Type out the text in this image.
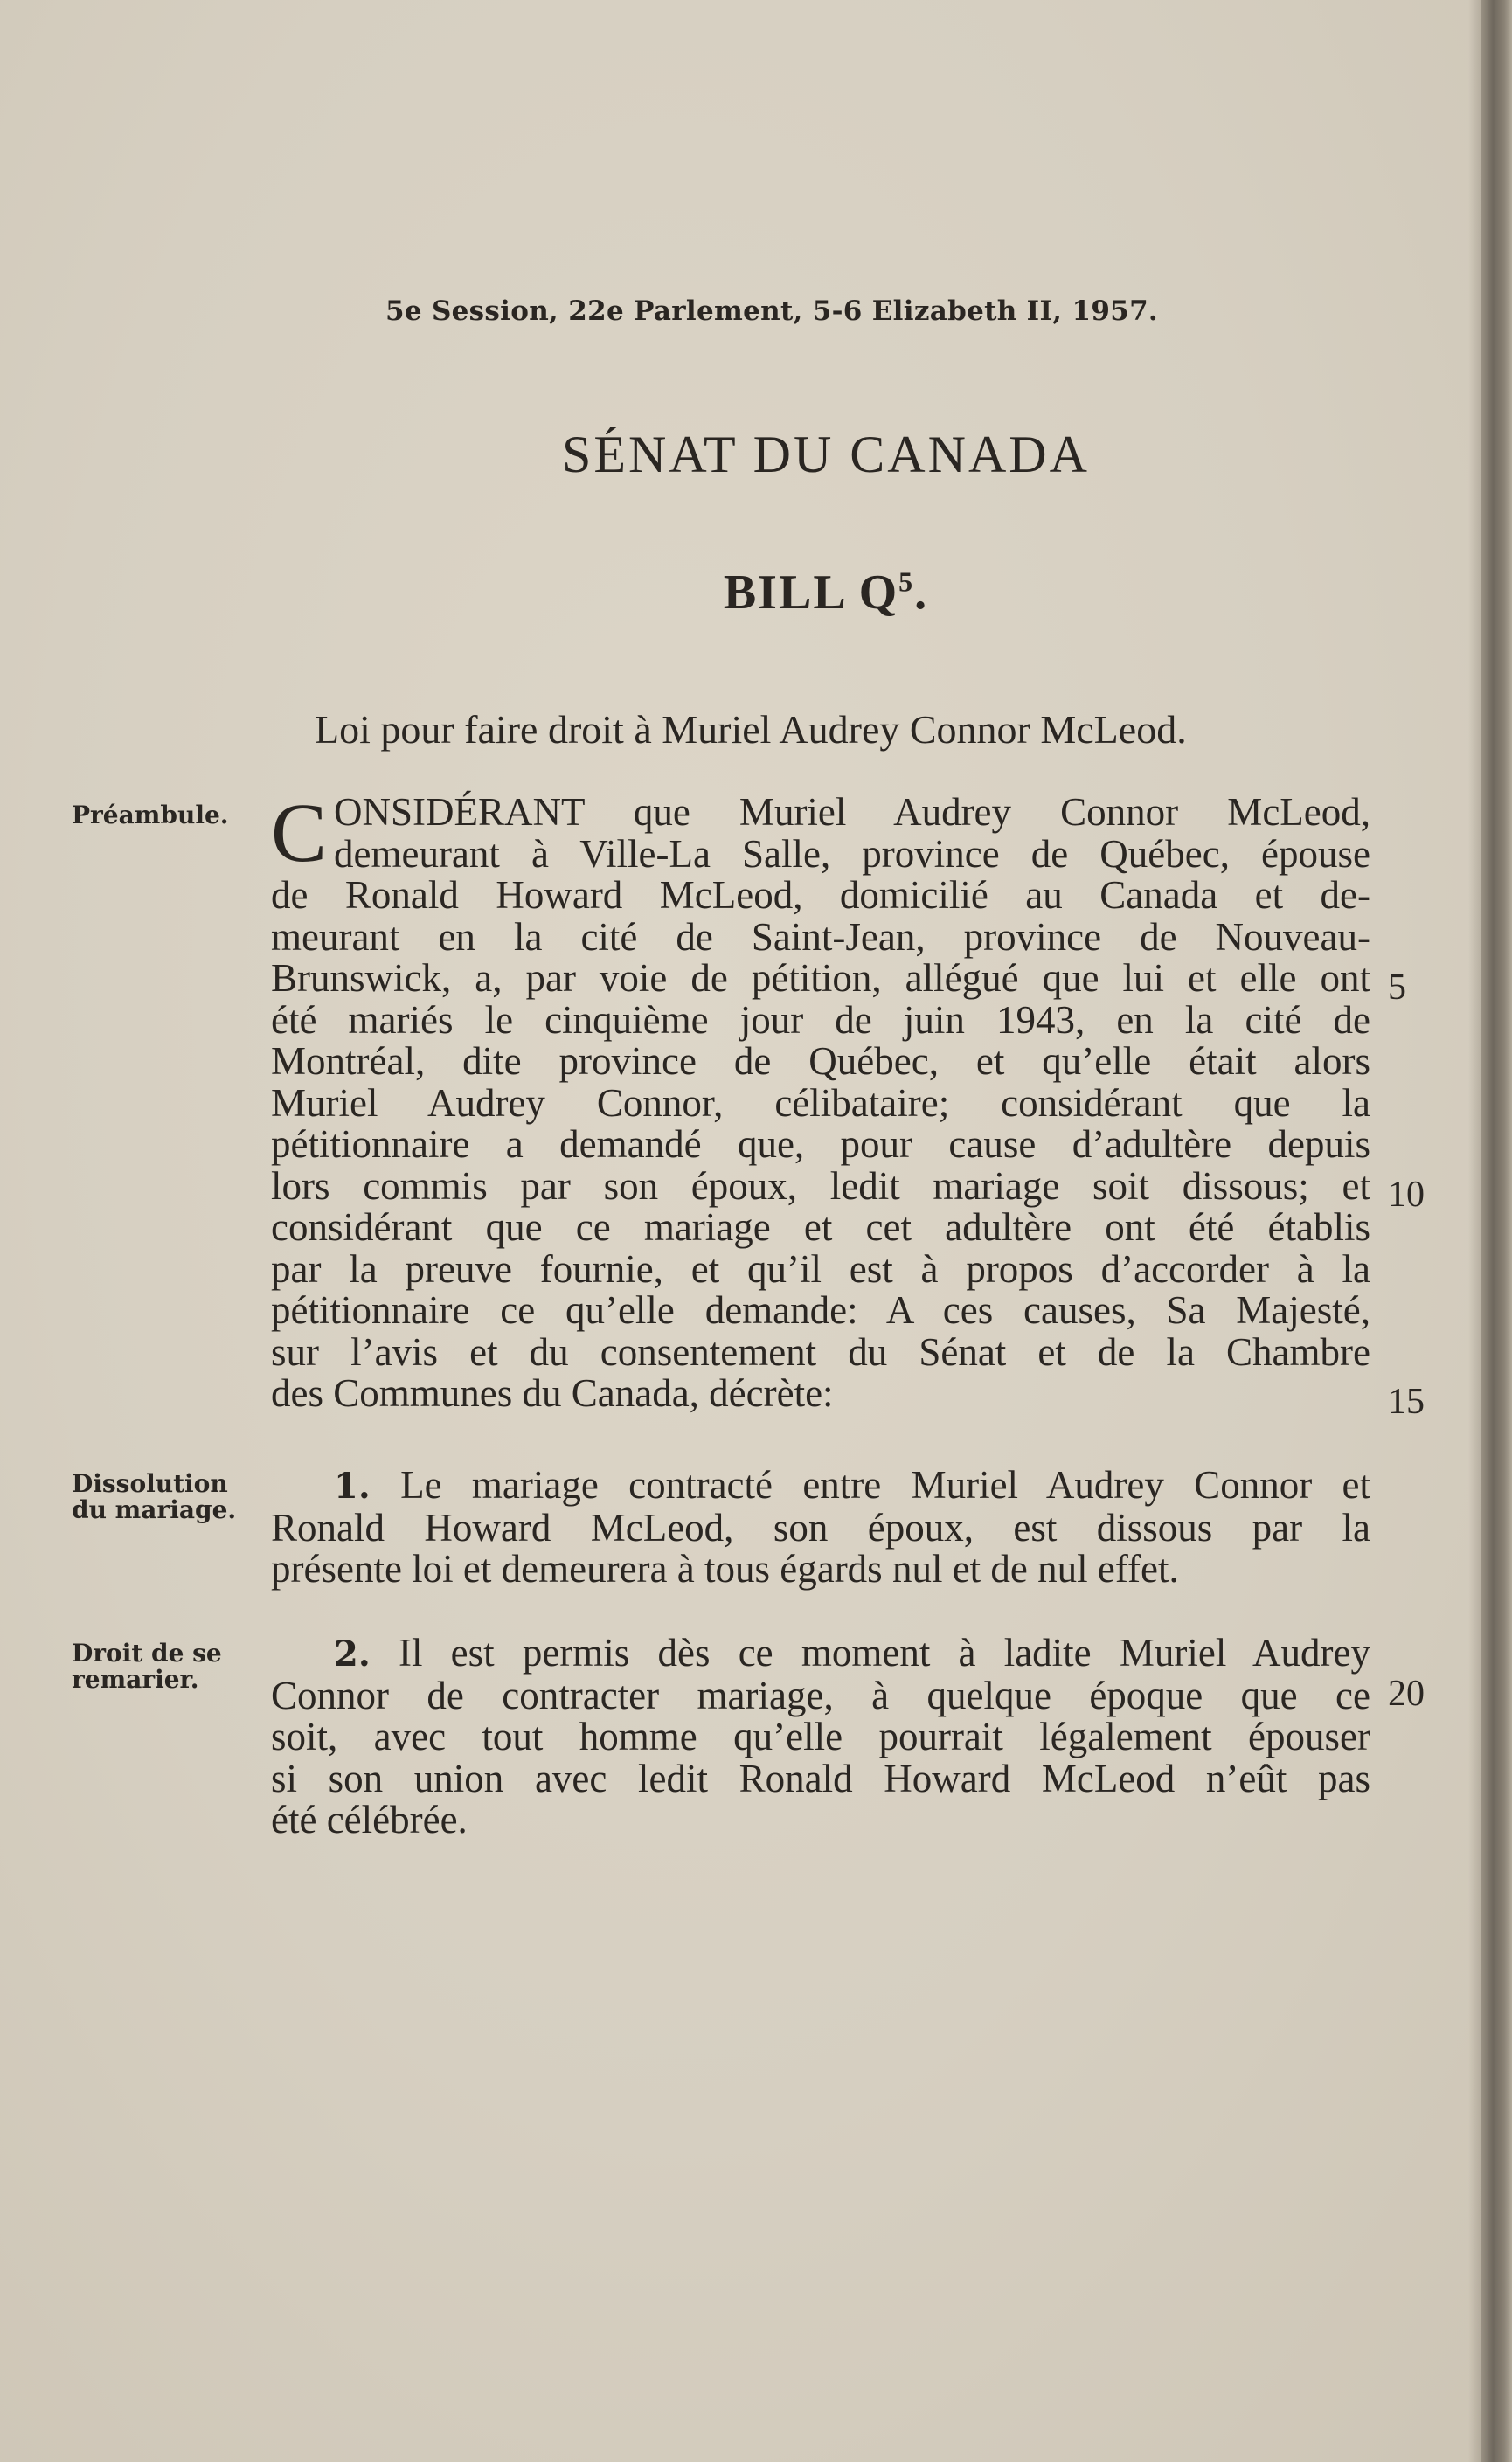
5e Session, 22e Parlement, 5-6 Elizabeth II, 1957.
SÉNAT DU CANADA
BILL $Q^5$.
Loi pour faire droit à Muriel Audrey Connor McLeod.
Préambule.
Dissolution
du mariage.
Droit de se
remarier.
C ONSIDÉRANT que Muriel Audrey Connor McLeod,
demeurant à Ville-La Salle, province de Québec, épouse
de Ronald Howard McLeod, domicilié au Canada et de-
meurant en la cité de Saint-Jean, province de Nouveau-
Brunswick, a, par voie de pétition, allégué que lui et elle ont
été mariés le cinquième jour de juin 1943, en la cité de
Montréal, dite province de Québec, et qu’elle était alors
Muriel Audrey Connor, célibataire; considérant que la
pétitionnaire a demandé que, pour cause d’adultère depuis
lors commis par son époux, ledit mariage soit dissous; et
considérant que ce mariage et cet adultère ont été établis
par la preuve fournie, et qu’il est à propos d’accorder à la
pétitionnaire ce qu’elle demande: A ces causes, Sa Majesté,
sur l’avis et du consentement du Sénat et de la Chambre
des Communes du Canada, décrète:
1. Le mariage contracté entre Muriel Audrey Connor et
Ronald Howard McLeod, son époux, est dissous par la
présente loi et demeurera à tous égards nul et de nul effet.
2. Il est permis dès ce moment à ladite Muriel Audrey
Connor de contracter mariage, à quelque époque que ce
soit, avec tout homme qu’elle pourrait légalement épouser
si son union avec ledit Ronald Howard McLeod n’eût pas
été célébrée.
5
10
15
20
